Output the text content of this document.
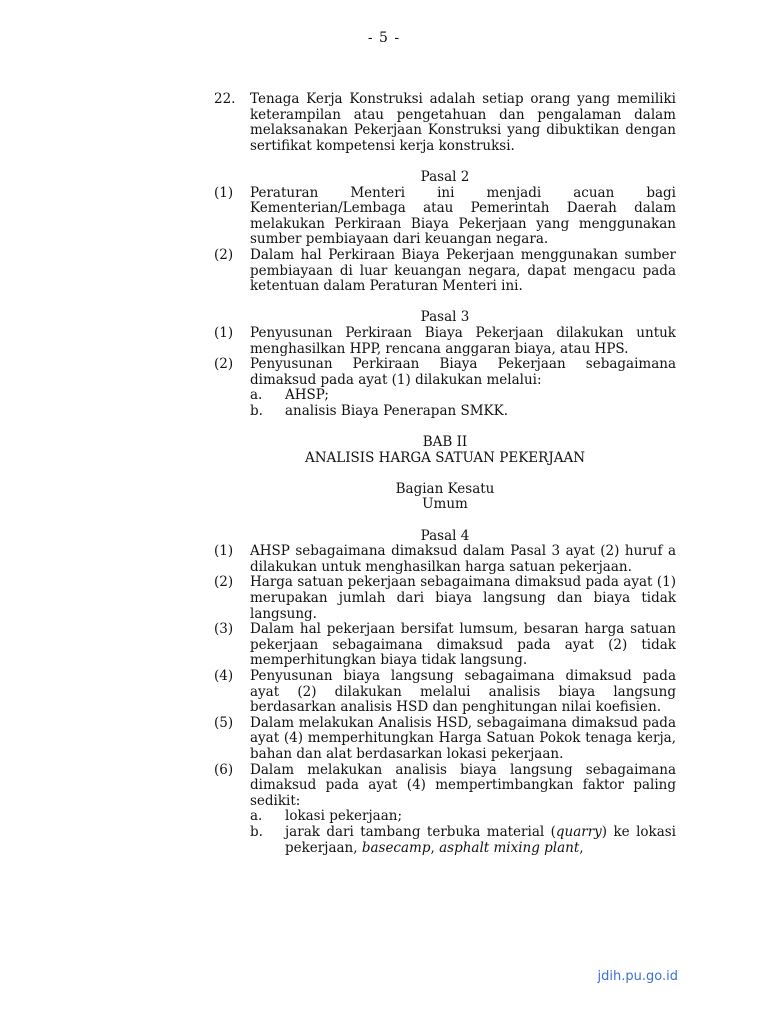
- 5 -
22.	Tenaga Kerja Konstruksi adalah setiap orang yang memiliki keterampilan atau pengetahuan dan pengalaman dalam melaksanakan Pekerjaan Konstruksi yang dibuktikan dengan sertifikat kompetensi kerja konstruksi.
Pasal 2
(1)	Peraturan Menteri ini menjadi acuan bagi Kementerian/Lembaga atau Pemerintah Daerah dalam melakukan Perkiraan Biaya Pekerjaan yang menggunakan sumber pembiayaan dari keuangan negara.
(2)	Dalam hal Perkiraan Biaya Pekerjaan menggunakan sumber pembiayaan di luar keuangan negara, dapat mengacu pada ketentuan dalam Peraturan Menteri ini.
Pasal 3
(1)	Penyusunan Perkiraan Biaya Pekerjaan dilakukan untuk menghasilkan HPP, rencana anggaran biaya, atau HPS.
(2)	Penyusunan Perkiraan Biaya Pekerjaan sebagaimana dimaksud pada ayat (1) dilakukan melalui:
a.	AHSP;
b.	analisis Biaya Penerapan SMKK.
BAB II
ANALISIS HARGA SATUAN PEKERJAAN
Bagian Kesatu
Umum
Pasal 4
(1)	AHSP sebagaimana dimaksud dalam Pasal 3 ayat (2) huruf a dilakukan untuk menghasilkan harga satuan pekerjaan.
(2)	Harga satuan pekerjaan sebagaimana dimaksud pada ayat (1) merupakan jumlah dari biaya langsung dan biaya tidak langsung.
(3)	Dalam hal pekerjaan bersifat lumsum, besaran harga satuan pekerjaan sebagaimana dimaksud pada ayat (2) tidak memperhitungkan biaya tidak langsung.
(4)	Penyusunan biaya langsung sebagaimana dimaksud pada ayat (2) dilakukan melalui analisis biaya langsung berdasarkan analisis HSD dan penghitungan nilai koefisien.
(5)	Dalam melakukan Analisis HSD, sebagaimana dimaksud pada ayat (4) memperhitungkan Harga Satuan Pokok tenaga kerja, bahan dan alat berdasarkan lokasi pekerjaan.
(6)	Dalam melakukan analisis biaya langsung sebagaimana dimaksud pada ayat (4) mempertimbangkan faktor paling sedikit:
a.	lokasi pekerjaan;
b.	jarak dari tambang terbuka material (quarry) ke lokasi pekerjaan, basecamp, asphalt mixing plant,
jdih.pu.go.id
